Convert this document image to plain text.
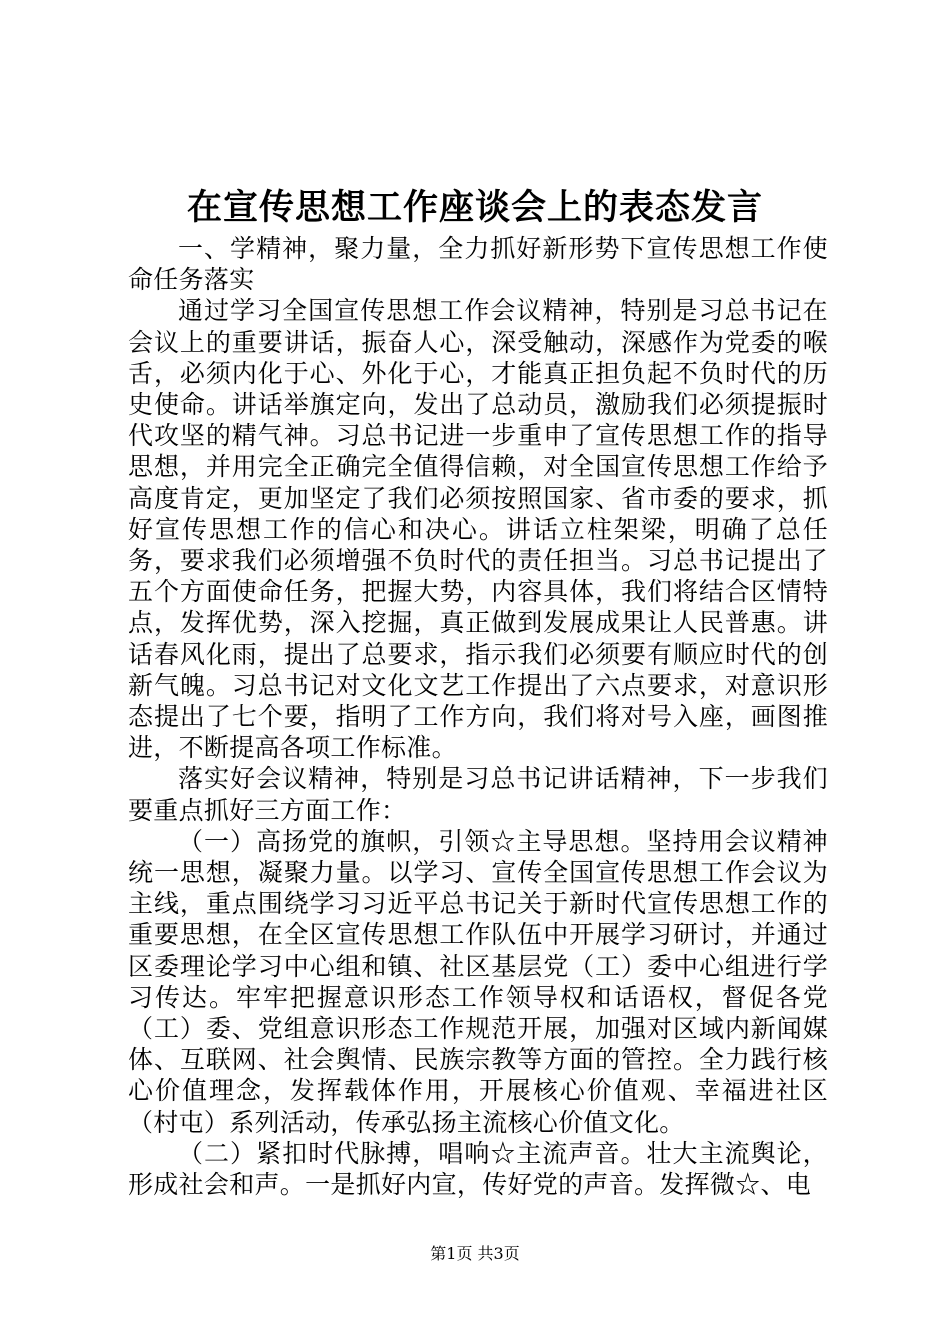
在宣传思想工作座谈会上的表态发言

一、学精神，聚力量，全力抓好新形势下宣传思想工作使命任务落实

通过学习全国宣传思想工作会议精神，特别是习总书记在会议上的重要讲话，振奋人心，深受触动，深感作为党委的喉舌，必须内化于心、外化于心，才能真正担负起不负时代的历史使命。讲话举旗定向，发出了总动员，激励我们必须提振时代攻坚的精气神。习总书记进一步重申了宣传思想工作的指导思想，并用完全正确完全值得信赖，对全国宣传思想工作给予高度肯定，更加坚定了我们必须按照国家、省市委的要求，抓好宣传思想工作的信心和决心。讲话立柱架梁，明确了总任务，要求我们必须增强不负时代的责任担当。习总书记提出了五个方面使命任务，把握大势，内容具体，我们将结合区情特点，发挥优势，深入挖掘，真正做到发展成果让人民普惠。讲话春风化雨，提出了总要求，指示我们必须要有顺应时代的创新气魄。习总书记对文化文艺工作提出了六点要求，对意识形态提出了七个要，指明了工作方向，我们将对号入座，画图推进，不断提高各项工作标准。

落实好会议精神，特别是习总书记讲话精神，下一步我们要重点抓好三方面工作：

（一）高扬党的旗帜，引领☆主导思想。坚持用会议精神统一思想，凝聚力量。以学习、宣传全国宣传思想工作会议为主线，重点围绕学习习近平总书记关于新时代宣传思想工作的重要思想，在全区宣传思想工作队伍中开展学习研讨，并通过区委理论学习中心组和镇、社区基层党（工）委中心组进行学习传达。牢牢把握意识形态工作领导权和话语权，督促各党（工）委、党组意识形态工作规范开展，加强对区域内新闻媒体、互联网、社会舆情、民族宗教等方面的管控。全力践行核心价值理念，发挥载体作用，开展核心价值观、幸福进社区（村屯）系列活动，传承弘扬主流核心价值文化。

（二）紧扣时代脉搏，唱响☆主流声音。壮大主流舆论，形成社会和声。一是抓好内宣，传好党的声音。发挥微☆、电

第1页 共3页
